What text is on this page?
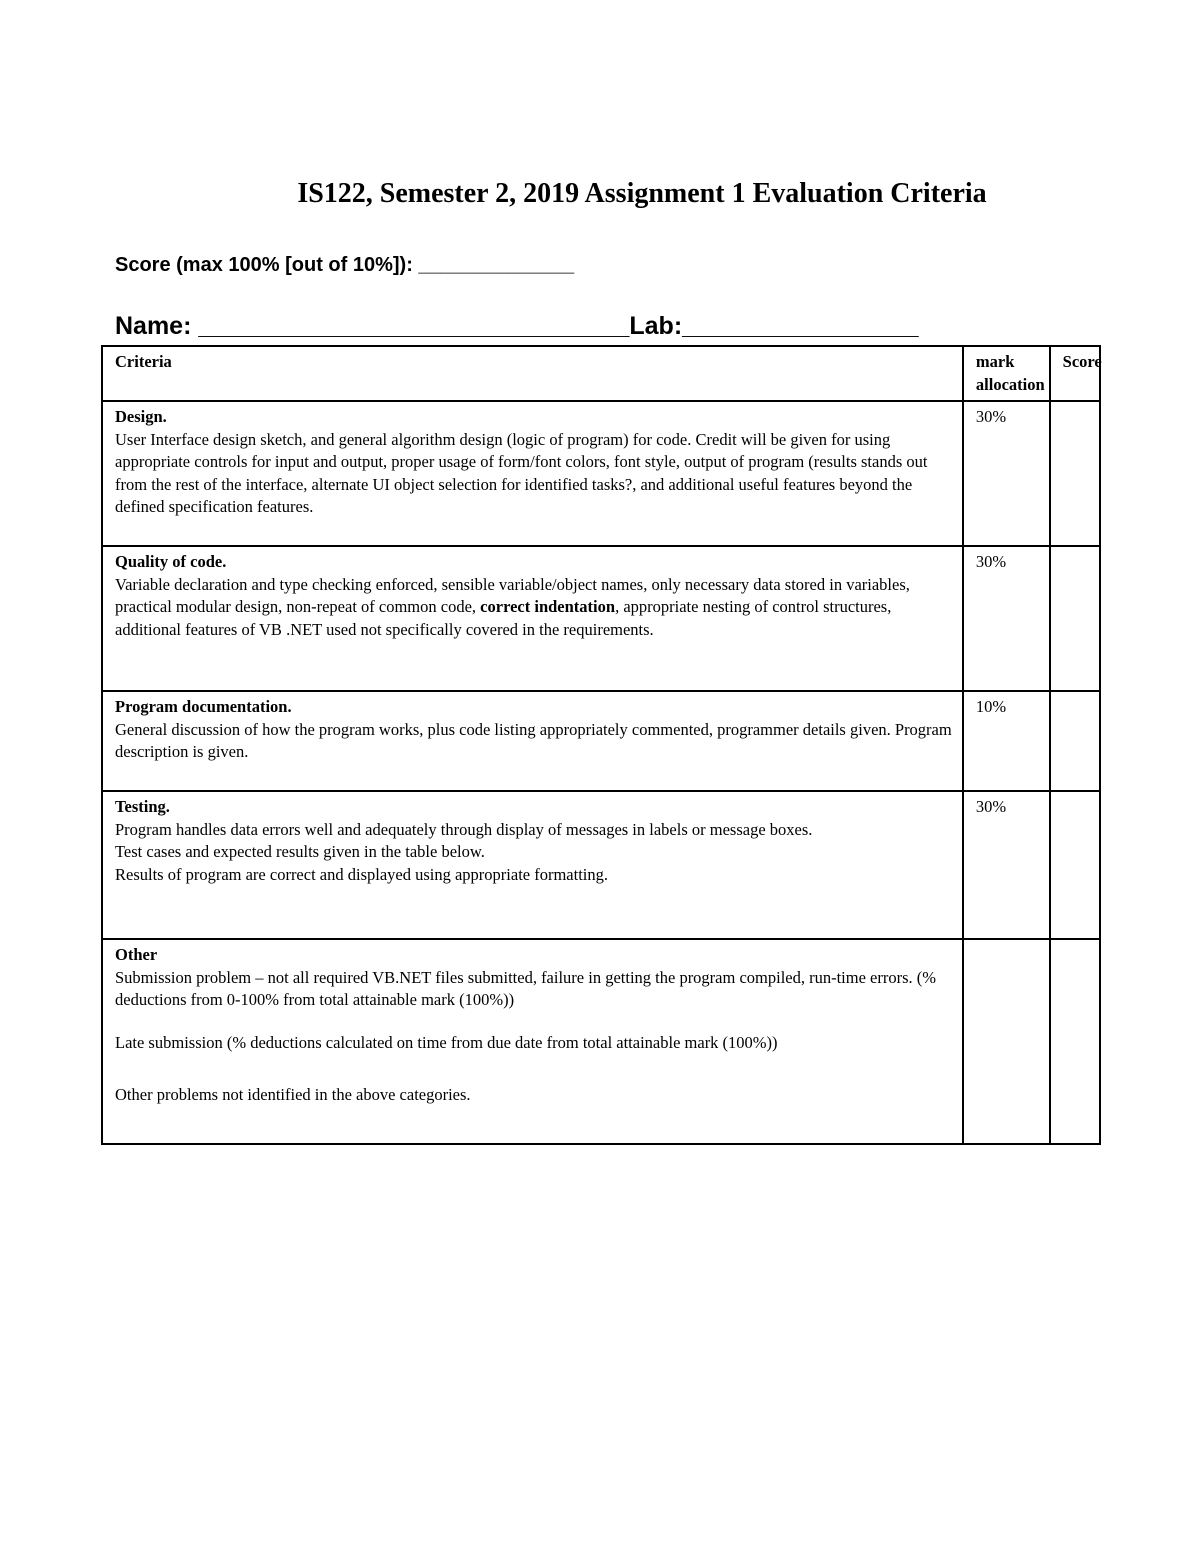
IS122, Semester 2, 2019 Assignment 1 Evaluation Criteria
Score (max 100% [out of 10%]): ______________
Name: _______________________________Lab:_________________
Criteria	mark allocation	Score

Design.
User Interface design sketch, and general algorithm design (logic of program) for code. Credit will be given for using appropriate controls for input and output, proper usage of form/font colors, font style, output of program (results stands out from the rest of the interface, alternate UI object selection for identified tasks?, and additional useful features beyond the defined specification features.	30%	

Quality of code.
Variable declaration and type checking enforced, sensible variable/object names, only necessary data stored in variables, practical modular design, non-repeat of common code, correct indentation, appropriate nesting of control structures, additional features of VB .NET used not specifically covered in the requirements.	30%	

Program documentation.
General discussion of how the program works, plus code listing appropriately commented, programmer details given. Program description is given.	10%	

Testing.
Program handles data errors well and adequately through display of messages in labels or message boxes.
Test cases and expected results given in the table below.
Results of program are correct and displayed using appropriate formatting.	30%	

Other
Submission problem – not all required VB.NET files submitted, failure in getting the program compiled, run-time errors. (% deductions from 0-100% from total attainable mark (100%))
Late submission (% deductions calculated on time from due date from total attainable mark (100%))
Other problems not identified in the above categories.		
